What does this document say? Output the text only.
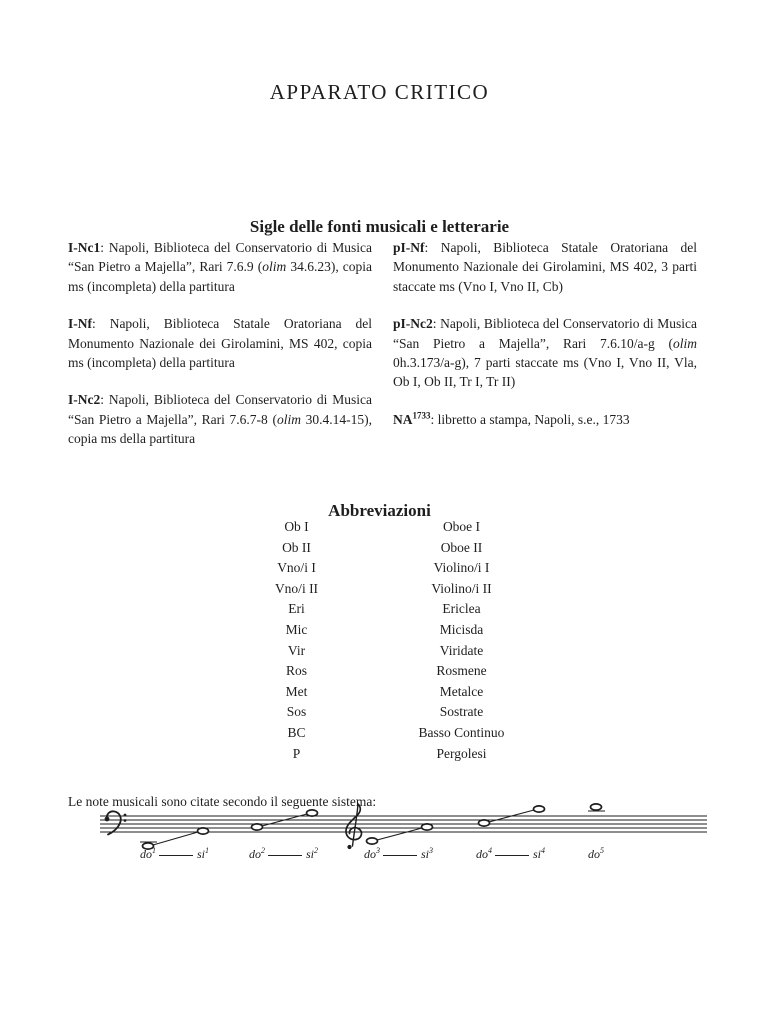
APPARATO CRITICO
Sigle delle fonti musicali e letterarie

I-Nc1: Napoli, Biblioteca del Conservatorio di Musica “San Pietro a Majella”, Rari 7.6.9 (olim 34.6.23), copia ms (incompleta) della partitura

I-Nf: Napoli, Biblioteca Statale Oratoriana del Monumento Nazionale dei Girolamini, MS 402, copia ms (incompleta) della partitura

I-Nc2: Napoli, Biblioteca del Conservatorio di Musica “San Pietro a Majella”, Rari 7.6.7-8 (olim 30.4.14-15), copia ms della partitura

pI-Nf: Napoli, Biblioteca Statale Oratoriana del Monumento Nazionale dei Girolamini, MS 402, 3 parti staccate ms (Vno I, Vno II, Cb)

pI-Nc2: Napoli, Biblioteca del Conservatorio di Musica “San Pietro a Majella”, Rari 7.6.10/a-g (olim 0h.3.173/a-g), 7 parti staccate ms (Vno I, Vno II, Vla, Ob I, Ob II, Tr I, Tr II)

$NA^{1733}$: libretto a stampa, Napoli, s.e., 1733

Abbreviazioni
Ob I	Oboe I
Ob II	Oboe II
Vno/i I	Violino/i I
Vno/i II	Violino/i II
Eri	Ericlea
Mic	Micisda
Vir	Viridate
Ros	Rosmene
Met	Metalce
Sos	Sostrate
BC	Basso Continuo
P	Pergolesi

Le note musicali sono citate secondo il seguente sistema:

$do^1$	$si^1$	$do^2$	$si^2$	$do^3$	$si^3$	$do^4$	$si^4$	$do^5$
